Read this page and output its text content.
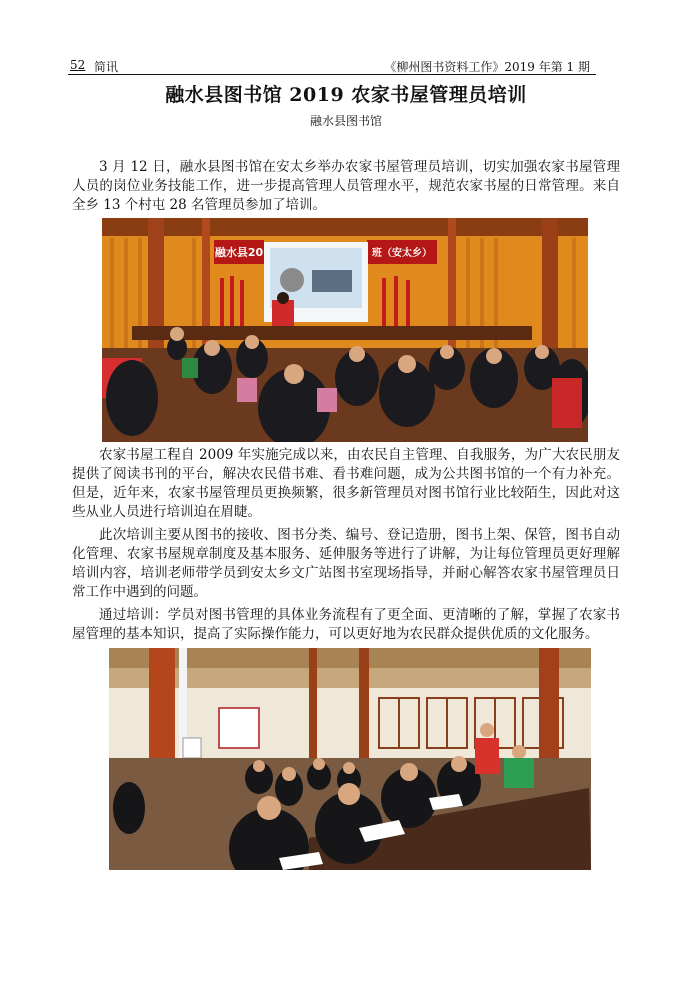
52 简讯	《柳州图书资料工作》2019 年第 1 期
融水县图书馆 2019 农家书屋管理员培训
融水县图书馆

3 月 12 日，融水县图书馆在安太乡举办农家书屋管理员培训，切实加强农家书屋管理人员的岗位业务技能工作，进一步提高管理人员管理水平，规范农家书屋的日常管理。来自全乡 13 个村屯 28 名管理员参加了培训。

融水县20	班（安太乡）

农家书屋工程自 2009 年实施完成以来，由农民自主管理、自我服务，为广大农民朋友提供了阅读书刊的平台，解决农民借书难、看书难问题，成为公共图书馆的一个有力补充。但是，近年来，农家书屋管理员更换频繁，很多新管理员对图书馆行业比较陌生，因此对这些从业人员进行培训迫在眉睫。

此次培训主要从图书的接收、图书分类、编号、登记造册，图书上架、保管，图书自动化管理、农家书屋规章制度及基本服务、延伸服务等进行了讲解，为让每位管理员更好理解培训内容，培训老师带学员到安太乡文广站图书室现场指导，并耐心解答农家书屋管理员日常工作中遇到的问题。

通过培训：学员对图书管理的具体业务流程有了更全面、更清晰的了解，掌握了农家书屋管理的基本知识，提高了实际操作能力，可以更好地为农民群众提供优质的文化服务。
